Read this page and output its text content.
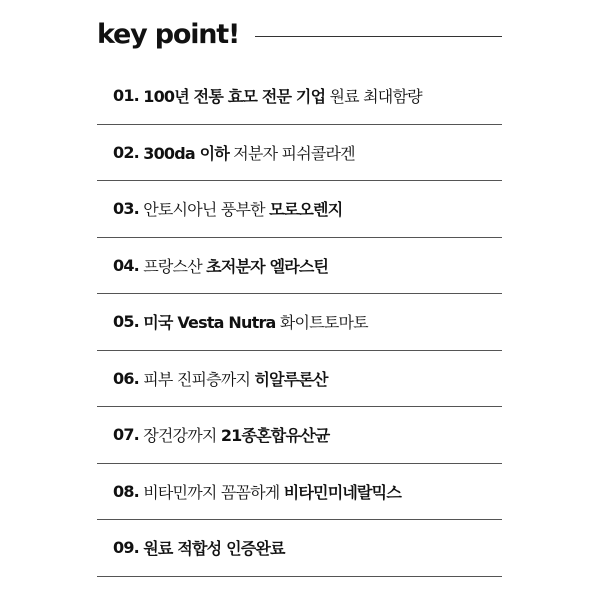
key point!
01.
100년 전통 효모 전문 기업
원료 최대함량
02.
300da 이하
저분자 피쉬콜라겐
03.
안토시아닌 풍부한
모로오렌지
04.
프랑스산
초저분자 엘라스틴
05.
미국 Vesta Nutra
화이트토마토
06.
피부 진피층까지
히알루론산
07.
장건강까지
21종혼합유산균
08.
비타민까지 꼼꼼하게
비타민미네랄믹스
09.
원료 적합성 인증완료
